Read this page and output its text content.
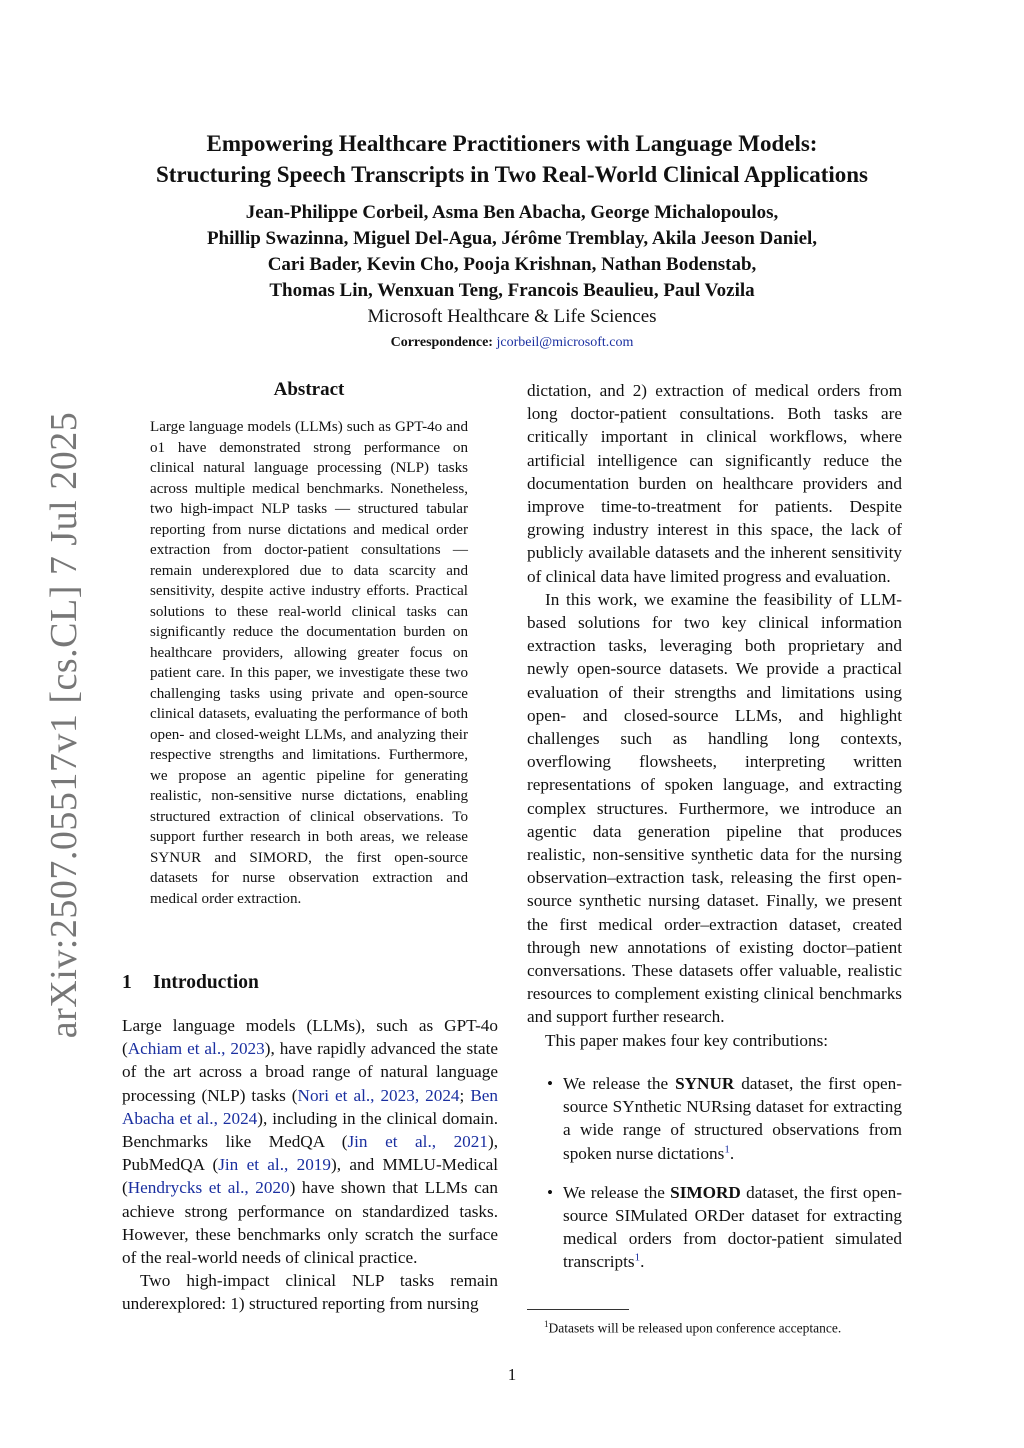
arXiv:2507.05517v1 [cs.CL] 7 Jul 2025
Empowering Healthcare Practitioners with Language Models:
Structuring Speech Transcripts in Two Real-World Clinical Applications
Jean-Philippe Corbeil, Asma Ben Abacha, George Michalopoulos,
Phillip Swazinna, Miguel Del-Agua, Jérôme Tremblay, Akila Jeeson Daniel,
Cari Bader, Kevin Cho, Pooja Krishnan, Nathan Bodenstab,
Thomas Lin, Wenxuan Teng, Francois Beaulieu, Paul Vozila
Microsoft Healthcare & Life Sciences
Correspondence: jcorbeil@microsoft.com
Abstract

Large language models (LLMs) such as GPT-4o and o1 have demonstrated strong performance on clinical natural language processing (NLP) tasks across multiple medical benchmarks. Nonetheless, two high-impact NLP tasks — structured tabular reporting from nurse dictations and medical order extraction from doctor-patient consultations — remain underexplored due to data scarcity and sensitivity, despite active industry efforts. Practical solutions to these real-world clinical tasks can significantly reduce the documentation burden on healthcare providers, allowing greater focus on patient care. In this paper, we investigate these two challenging tasks using private and open-source clinical datasets, evaluating the performance of both open- and closed-weight LLMs, and analyzing their respective strengths and limitations. Furthermore, we propose an agentic pipeline for generating realistic, non-sensitive nurse dictations, enabling structured extraction of clinical observations. To support further research in both areas, we release SYNUR and SIMORD, the first open-source datasets for nurse observation extraction and medical order extraction.

1 Introduction

Large language models (LLMs), such as GPT-4o (Achiam et al., 2023), have rapidly advanced the state of the art across a broad range of natural language processing (NLP) tasks (Nori et al., 2023, 2024; Ben Abacha et al., 2024), including in the clinical domain. Benchmarks like MedQA (Jin et al., 2021), PubMedQA (Jin et al., 2019), and MMLU-Medical (Hendrycks et al., 2020) have shown that LLMs can achieve strong performance on standardized tasks. However, these benchmarks only scratch the surface of the real-world needs of clinical practice.

Two high-impact clinical NLP tasks remain underexplored: 1) structured reporting from nursing

dictation, and 2) extraction of medical orders from long doctor-patient consultations. Both tasks are critically important in clinical workflows, where artificial intelligence can significantly reduce the documentation burden on healthcare providers and improve time-to-treatment for patients. Despite growing industry interest in this space, the lack of publicly available datasets and the inherent sensitivity of clinical data have limited progress and evaluation.

In this work, we examine the feasibility of LLM-based solutions for two key clinical information extraction tasks, leveraging both proprietary and newly open-source datasets. We provide a practical evaluation of their strengths and limitations using open- and closed-source LLMs, and highlight challenges such as handling long contexts, overflowing flowsheets, interpreting written representations of spoken language, and extracting complex structures. Furthermore, we introduce an agentic data generation pipeline that produces realistic, non-sensitive synthetic data for the nursing observation–extraction task, releasing the first open-source synthetic nursing dataset. Finally, we present the first medical order–extraction dataset, created through new annotations of existing doctor–patient conversations. These datasets offer valuable, realistic resources to complement existing clinical benchmarks and support further research.

This paper makes four key contributions:

• We release the SYNUR dataset, the first open-source SYnthetic NURsing dataset for extracting a wide range of structured observations from spoken nurse dictations$^1$.
• We release the SIMORD dataset, the first open-source SIMulated ORDer dataset for extracting medical orders from doctor-patient simulated transcripts$^1$.
$^1$Datasets will be released upon conference acceptance.
1
